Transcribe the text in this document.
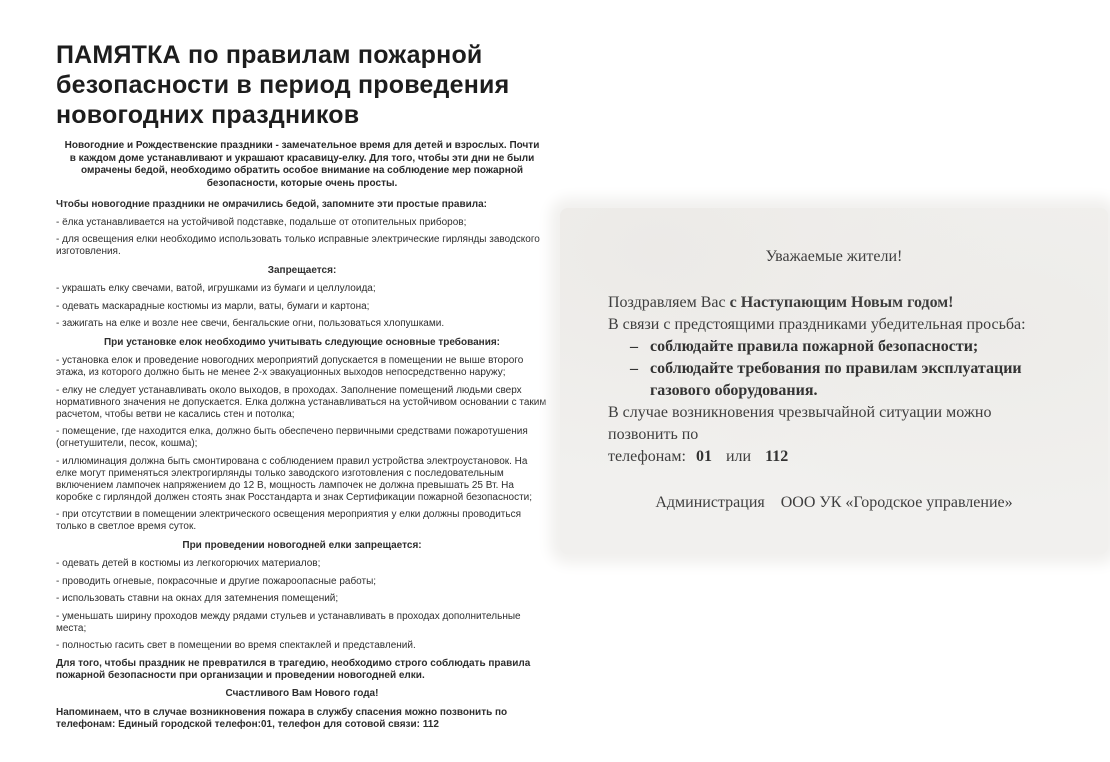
ПАМЯТКА по правилам пожарной
безопасности в период проведения
новогодних праздников
Новогодние и Рождественские праздники - замечательное время для детей и взрослых. Почти в каждом доме устанавливают и украшают красавицу-елку. Для того, чтобы эти дни не были омрачены бедой, необходимо обратить особое внимание на соблюдение мер пожарной безопасности, которые очень просты.
Чтобы новогодние праздники не омрачились бедой, запомните эти простые правила:
- ёлка устанавливается на устойчивой подставке, подальше от отопительных приборов;
- для освещения елки необходимо использовать только исправные электрические гирлянды заводского изготовления.
Запрещается:
- украшать елку свечами, ватой, игрушками из бумаги и целлулоида;
- одевать маскарадные костюмы из марли, ваты, бумаги и картона;
- зажигать на елке и возле нее свечи, бенгальские огни, пользоваться хлопушками.
При установке елок необходимо учитывать следующие основные требования:
- установка елок и проведение новогодних мероприятий допускается в помещении не выше второго этажа, из которого должно быть не менее 2-х эвакуационных выходов непосредственно наружу;
- елку не следует устанавливать около выходов, в проходах. Заполнение помещений людьми сверх нормативного значения не допускается. Елка должна устанавливаться на устойчивом основании с таким расчетом, чтобы ветви не касались стен и потолка;
- помещение, где находится елка, должно быть обеспечено первичными средствами пожаротушения (огнетушители, песок, кошма);
- иллюминация должна быть смонтирована с соблюдением правил устройства электроустановок. На елке могут применяться электрогирлянды только заводского изготовления с последовательным включением лампочек напряжением до 12 В, мощность лампочек не должна превышать 25 Вт. На коробке с гирляндой должен стоять знак Росстандарта и знак Сертификации пожарной безопасности;
- при отсутствии в помещении электрического освещения мероприятия у елки должны проводиться только в светлое время суток.
При проведении новогодней елки запрещается:
- одевать детей в костюмы из легкогорючих материалов;
- проводить огневые, покрасочные и другие пожароопасные работы;
- использовать ставни на окнах для затемнения помещений;
- уменьшать ширину проходов между рядами стульев и устанавливать в проходах дополнительные места;
- полностью гасить свет в помещении во время спектаклей и представлений.
Для того, чтобы праздник не превратился в трагедию, необходимо строго соблюдать правила пожарной безопасности при организации и проведении новогодней елки.
Счастливого Вам Нового года!
Напоминаем, что в случае возникновения пожара в службу спасения можно позвонить по телефонам: Единый городской телефон:01, телефон для сотовой связи: 112
Уважаемые жители!

Поздравляем Вас с Наступающим Новым годом!

В связи с предстоящими праздниками убедительная просьба:

– соблюдайте правила пожарной безопасности;
– соблюдайте требования по правилам эксплуатации газового оборудования.

В случае возникновения чрезвычайной ситуации можно позвонить по

телефонам: 01 или 112

Администрация ООО УК «Городское управление»
